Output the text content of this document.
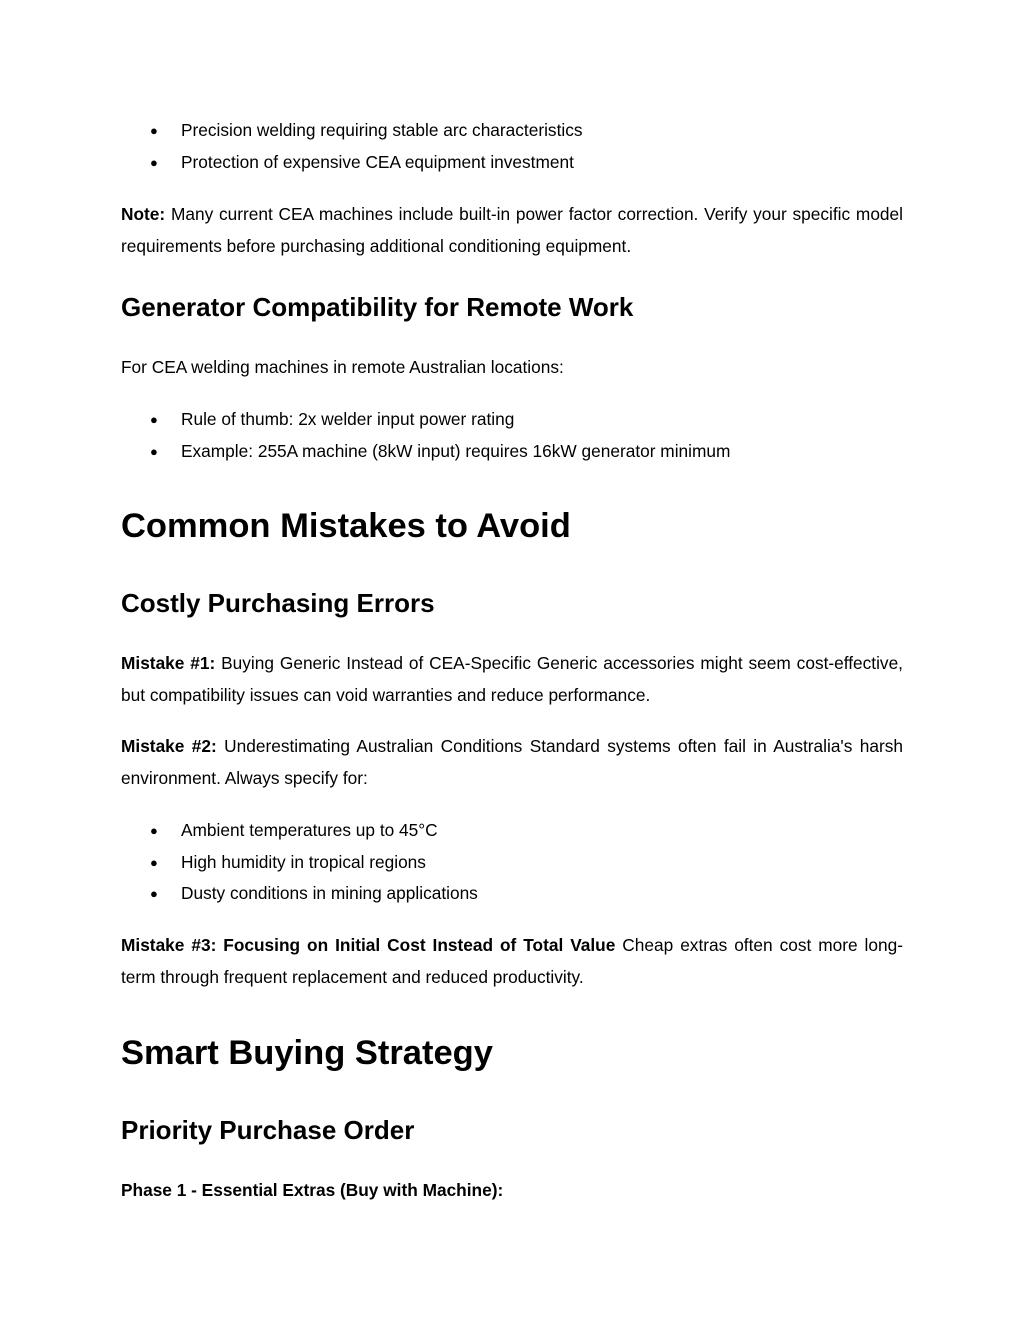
● Precision welding requiring stable arc characteristics
● Protection of expensive CEA equipment investment

Note: Many current CEA machines include built-in power factor correction. Verify your specific model requirements before purchasing additional conditioning equipment.

Generator Compatibility for Remote Work

For CEA welding machines in remote Australian locations:

● Rule of thumb: 2x welder input power rating
● Example: 255A machine (8kW input) requires 16kW generator minimum
Common Mistakes to Avoid
Costly Purchasing Errors

Mistake #1: Buying Generic Instead of CEA-Specific Generic accessories might seem cost-effective, but compatibility issues can void warranties and reduce performance.

Mistake #2: Underestimating Australian Conditions Standard systems often fail in Australia's harsh environment. Always specify for:

● Ambient temperatures up to 45°C
● High humidity in tropical regions
● Dusty conditions in mining applications

Mistake #3: Focusing on Initial Cost Instead of Total Value Cheap extras often cost more long-term through frequent replacement and reduced productivity.

Smart Buying Strategy
Priority Purchase Order

Phase 1 - Essential Extras (Buy with Machine):
